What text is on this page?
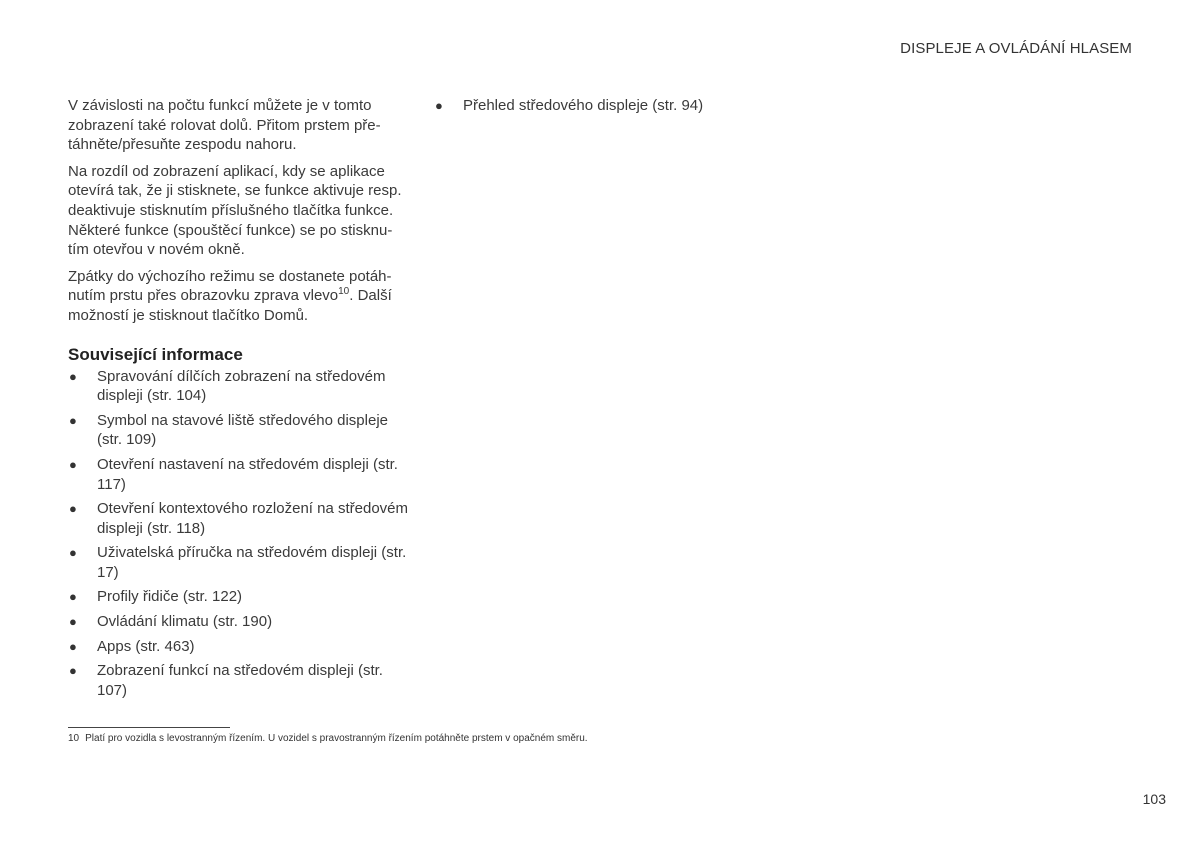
DISPLEJE A OVLÁDÁNÍ HLASEM

V závislosti na počtu funkcí můžete je v tomto zobrazení také rolovat dolů. Přitom prstem přetáhněte/přesuňte zespodu nahoru.

Na rozdíl od zobrazení aplikací, kdy se aplikace otevírá tak, že ji stisknete, se funkce aktivuje resp. deaktivuje stisknutím příslušného tlačítka funkce. Některé funkce (spouštěcí funkce) se po stisknutím otevřou v novém okně.

Zpátky do výchozího režimu se dostanete potáhnutím prstu přes obrazovku zprava vlevo$^{10}$. Další možností je stisknout tlačítko Domů.

Související informace
● Spravování dílčích zobrazení na středovém displeji (str. 104)
● Symbol na stavové liště středového displeje (str. 109)
● Otevření nastavení na středovém displeji (str. 117)
● Otevření kontextového rozložení na středovém displeji (str. 118)
● Uživatelská příručka na středovém displeji (str. 17)
● Profily řidiče (str. 122)
● Ovládání klimatu (str. 190)
● Apps (str. 463)
● Zobrazení funkcí na středovém displeji (str. 107)
● Přehled středového displeje (str. 94)
10 Platí pro vozidla s levostranným řízením. U vozidel s pravostranným řízením potáhněte prstem v opačném směru.
103
